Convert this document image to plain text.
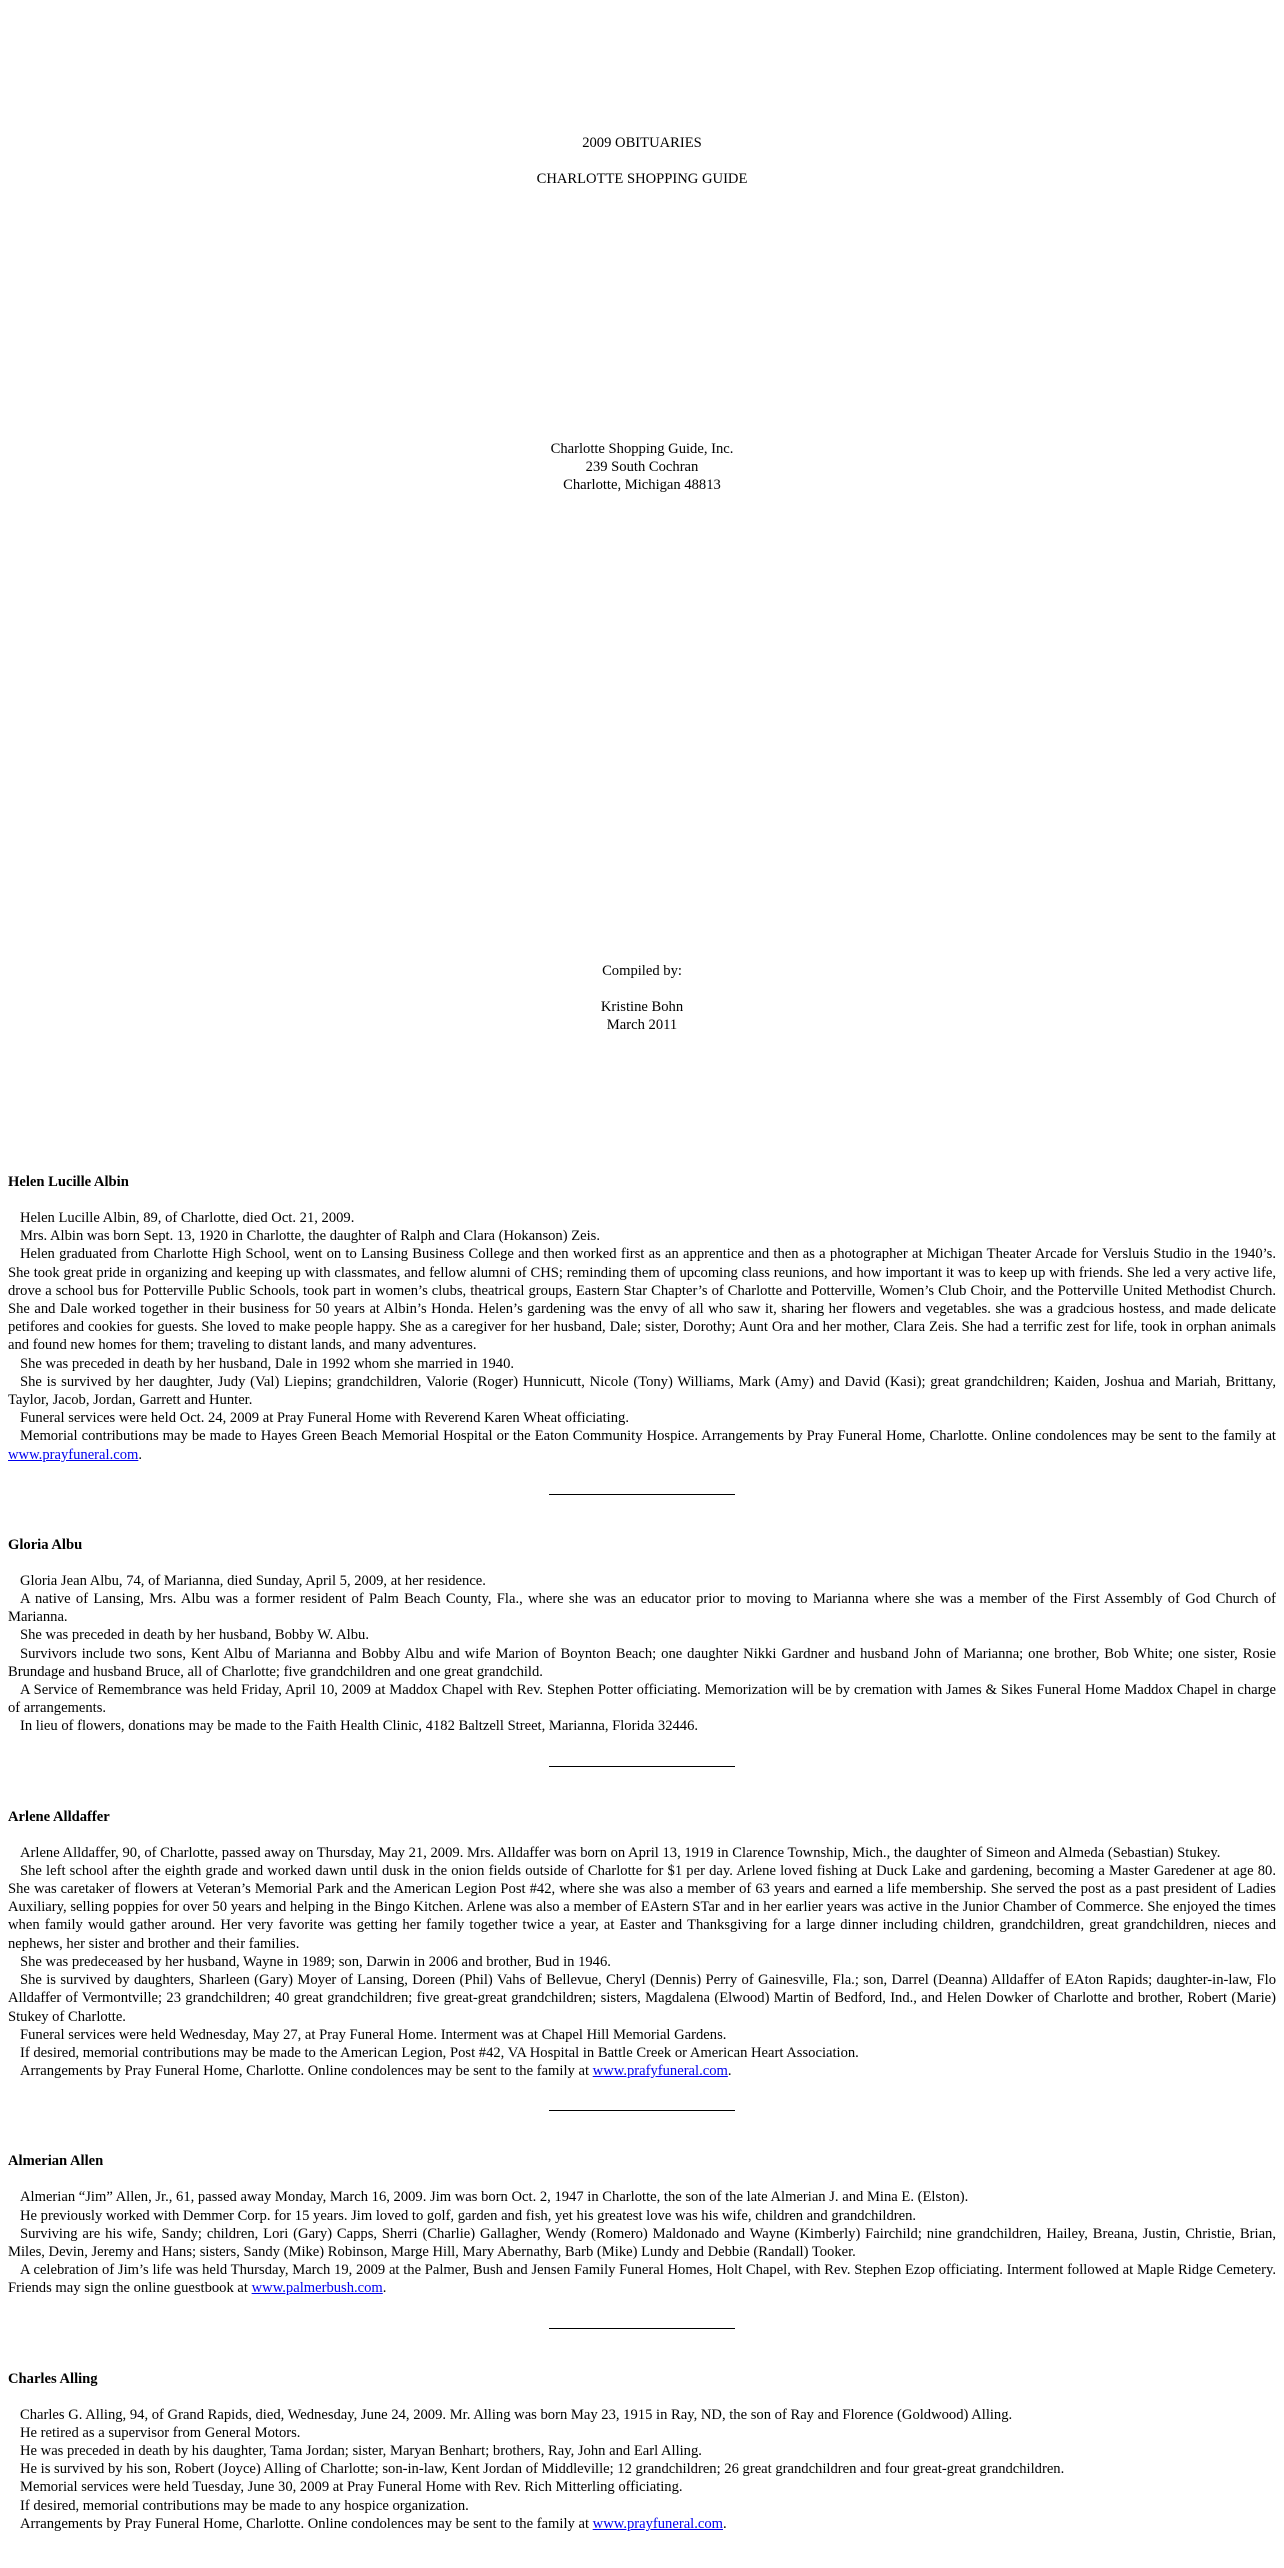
2009 OBITUARIES
CHARLOTTE SHOPPING GUIDE
Charlotte Shopping Guide, Inc.
239 South Cochran
Charlotte, Michigan 48813
Compiled by:
Kristine Bohn
March 2011
Helen Lucille Albin
Helen Lucille Albin, 89, of Charlotte, died Oct. 21, 2009.
Mrs. Albin was born Sept. 13, 1920 in Charlotte, the daughter of Ralph and Clara (Hokanson) Zeis.
Helen graduated from Charlotte High School, went on to Lansing Business College and then worked first as an apprentice and then as a photographer at Michigan Theater Arcade for Versluis Studio in the 1940’s. She took great pride in organizing and keeping up with classmates, and fellow alumni of CHS; reminding them of upcoming class reunions, and how important it was to keep up with friends. She led a very active life, drove a school bus for Potterville Public Schools, took part in women’s clubs, theatrical groups, Eastern Star Chapter’s of Charlotte and Potterville, Women’s Club Choir, and the Potterville United Methodist Church. She and Dale worked together in their business for 50 years at Albin’s Honda. Helen’s gardening was the envy of all who saw it, sharing her flowers and vegetables. she was a gradcious hostess, and made delicate petifores and cookies for guests. She loved to make people happy. She as a caregiver for her husband, Dale; sister, Dorothy; Aunt Ora and her mother, Clara Zeis. She had a terrific zest for life, took in orphan animals and found new homes for them; traveling to distant lands, and many adventures.
She was preceded in death by her husband, Dale in 1992 whom she married in 1940.
She is survived by her daughter, Judy (Val) Liepins; grandchildren, Valorie (Roger) Hunnicutt, Nicole (Tony) Williams, Mark (Amy) and David (Kasi); great grandchildren; Kaiden, Joshua and Mariah, Brittany, Taylor, Jacob, Jordan, Garrett and Hunter.
Funeral services were held Oct. 24, 2009 at Pray Funeral Home with Reverend Karen Wheat officiating.
Memorial contributions may be made to Hayes Green Beach Memorial Hospital or the Eaton Community Hospice. Arrangements by Pray Funeral Home, Charlotte. Online condolences may be sent to the family at www.prayfuneral.com.
Gloria Albu
Gloria Jean Albu, 74, of Marianna, died Sunday, April 5, 2009, at her residence.
A native of Lansing, Mrs. Albu was a former resident of Palm Beach County, Fla., where she was an educator prior to moving to Marianna where she was a member of the First Assembly of God Church of Marianna.
She was preceded in death by her husband, Bobby W. Albu.
Survivors include two sons, Kent Albu of Marianna and Bobby Albu and wife Marion of Boynton Beach; one daughter Nikki Gardner and husband John of Marianna; one brother, Bob White; one sister, Rosie Brundage and husband Bruce, all of Charlotte; five grandchildren and one great grandchild.
A Service of Remembrance was held Friday, April 10, 2009 at Maddox Chapel with Rev. Stephen Potter officiating. Memorization will be by cremation with James & Sikes Funeral Home Maddox Chapel in charge of arrangements.
In lieu of flowers, donations may be made to the Faith Health Clinic, 4182 Baltzell Street, Marianna, Florida 32446.
Arlene Alldaffer
Arlene Alldaffer, 90, of Charlotte, passed away on Thursday, May 21, 2009. Mrs. Alldaffer was born on April 13, 1919 in Clarence Township, Mich., the daughter of Simeon and Almeda (Sebastian) Stukey.
She left school after the eighth grade and worked dawn until dusk in the onion fields outside of Charlotte for $1 per day. Arlene loved fishing at Duck Lake and gardening, becoming a Master Garedener at age 80. She was caretaker of flowers at Veteran’s Memorial Park and the American Legion Post #42, where she was also a member of 63 years and earned a life membership. She served the post as a past president of Ladies Auxiliary, selling poppies for over 50 years and helping in the Bingo Kitchen. Arlene was also a member of EAstern STar and in her earlier years was active in the Junior Chamber of Commerce. She enjoyed the times when family would gather around. Her very favorite was getting her family together twice a year, at Easter and Thanksgiving for a large dinner including children, grandchildren, great grandchildren, nieces and nephews, her sister and brother and their families.
She was predeceased by her husband, Wayne in 1989; son, Darwin in 2006 and brother, Bud in 1946.
She is survived by daughters, Sharleen (Gary) Moyer of Lansing, Doreen (Phil) Vahs of Bellevue, Cheryl (Dennis) Perry of Gainesville, Fla.; son, Darrel (Deanna) Alldaffer of EAton Rapids; daughter-in-law, Flo Alldaffer of Vermontville; 23 grandchildren; 40 great grandchildren; five great-great grandchildren; sisters, Magdalena (Elwood) Martin of Bedford, Ind., and Helen Dowker of Charlotte and brother, Robert (Marie) Stukey of Charlotte.
Funeral services were held Wednesday, May 27, at Pray Funeral Home. Interment was at Chapel Hill Memorial Gardens.
If desired, memorial contributions may be made to the American Legion, Post #42, VA Hospital in Battle Creek or American Heart Association.
Arrangements by Pray Funeral Home, Charlotte. Online condolences may be sent to the family at www.prafyfuneral.com.
Almerian Allen
Almerian “Jim” Allen, Jr., 61, passed away Monday, March 16, 2009. Jim was born Oct. 2, 1947 in Charlotte, the son of the late Almerian J. and Mina E. (Elston).
He previously worked with Demmer Corp. for 15 years. Jim loved to golf, garden and fish, yet his greatest love was his wife, children and grandchildren.
Surviving are his wife, Sandy; children, Lori (Gary) Capps, Sherri (Charlie) Gallagher, Wendy (Romero) Maldonado and Wayne (Kimberly) Fairchild; nine grandchildren, Hailey, Breana, Justin, Christie, Brian, Miles, Devin, Jeremy and Hans; sisters, Sandy (Mike) Robinson, Marge Hill, Mary Abernathy, Barb (Mike) Lundy and Debbie (Randall) Tooker.
A celebration of Jim’s life was held Thursday, March 19, 2009 at the Palmer, Bush and Jensen Family Funeral Homes, Holt Chapel, with Rev. Stephen Ezop officiating. Interment followed at Maple Ridge Cemetery. Friends may sign the online guestbook at www.palmerbush.com.
Charles Alling
Charles G. Alling, 94, of Grand Rapids, died, Wednesday, June 24, 2009. Mr. Alling was born May 23, 1915 in Ray, ND, the son of Ray and Florence (Goldwood) Alling.
He retired as a supervisor from General Motors.
He was preceded in death by his daughter, Tama Jordan; sister, Maryan Benhart; brothers, Ray, John and Earl Alling.
He is survived by his son, Robert (Joyce) Alling of Charlotte; son-in-law, Kent Jordan of Middleville; 12 grandchildren; 26 great grandchildren and four great-great grandchildren.
Memorial services were held Tuesday, June 30, 2009 at Pray Funeral Home with Rev. Rich Mitterling officiating.
If desired, memorial contributions may be made to any hospice organization.
Arrangements by Pray Funeral Home, Charlotte. Online condolences may be sent to the family at www.prayfuneral.com.
